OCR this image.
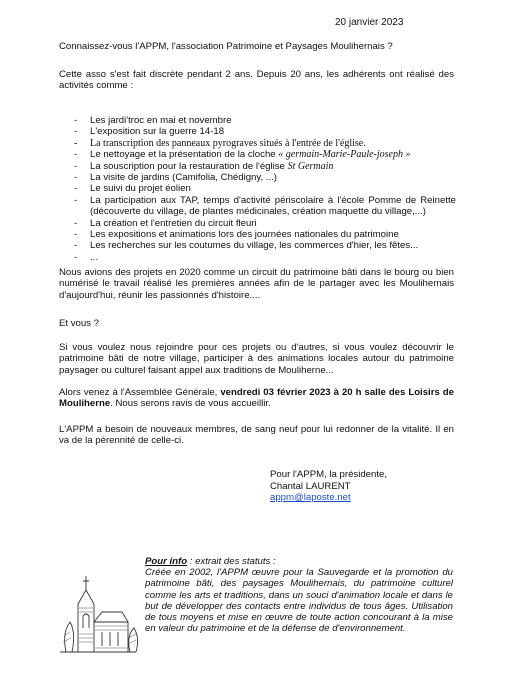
20 janvier 2023
Connaissez-vous l'APPM, l'association Patrimoine et Paysages Moulihernais ?
Cette asso s'est fait discrète pendant 2 ans. Depuis 20 ans, les adhérents ont réalisé des activités comme :
- Les jardi'troc en mai et novembre
- L'exposition sur la guerre 14-18
- La transcription des panneaux pyrograves situés à l'entrée de l'église.
- Le nettoyage et la présentation de la cloche « germain-Marie-Paule-joseph »
- La souscription pour la restauration de l'église St Germain
- La visite de jardins (Camifolia, Chédigny, ...)
- Le suivi du projet éolien
- La participation aux TAP, temps d'activité périscolaire à l'école Pomme de Reinette (découverte du village, de plantes médicinales, création maquette du village,...)
- La création et l'entretien du circuit fleuri
- Les expositions et animations lors des journées nationales du patrimoine
- Les recherches sur les coutumes du village, les commerces d'hier, les fêtes...
- ...
Nous avions des projets en 2020 comme un circuit du patrimoine bâti dans le bourg ou bien numérisé le travail réalisé les premières années afin de le partager avec les Moulihernais d'aujourd'hui, réunir les passionnés d'histoire....
Et vous ?
Si vous voulez nous rejoindre pour ces projets ou d'autres, si vous voulez découvrir le patrimoine bâti de notre village, participer à des animations locales autour du patrimoine paysager ou culturel faisant appel aux traditions de Mouliherne...
Alors venez à l'Assemblée Générale, vendredi 03 février 2023 à 20 h salle des Loisirs de Mouliherne. Nous serons ravis de vous accueillir.
L'APPM a besoin de nouveaux membres, de sang neuf pour lui redonner de la vitalité. Il en va de la pérennité de celle-ci.
Pour l'APPM, la présidente,
Chantal LAURENT
appm@laposte.net
Pour info : extrait des statuts :
Créée en 2002, l'APPM œuvre pour la Sauvegarde et la promotion du patrimoine bâti, des paysages Moulihernais, du patrimoine culturel comme les arts et traditions, dans un souci d'animation locale et dans le but de développer des contacts entre individus de tous âges. Utilisation de tous moyens et mise en œuvre de toute action concourant à la mise en valeur du patrimoine et de la défense de d'environnement.
